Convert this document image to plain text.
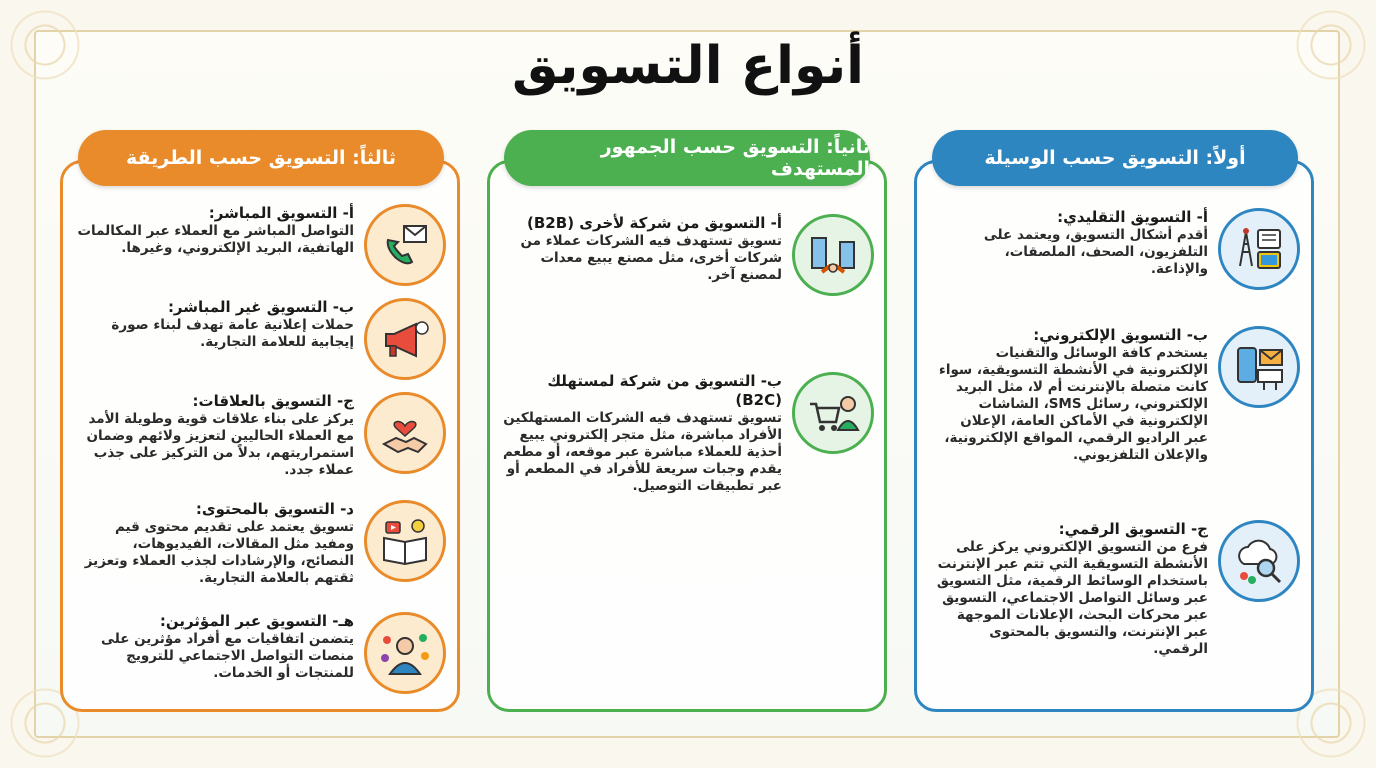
أنواع التسويق
أولاً: التسويق حسب الوسيلة
أ- التسويق التقليدي:
أقدم أشكال التسويق، ويعتمد على التلفزيون، الصحف، الملصقات، والإذاعة.
ب- التسويق الإلكتروني:
يستخدم كافة الوسائل والتقنيات الإلكترونية في الأنشطة التسويقية، سواء كانت متصلة بالإنترنت أم لا، مثل البريد الإلكتروني، رسائل SMS، الشاشات الإلكترونية في الأماكن العامة، الإعلان عبر الراديو الرقمي، المواقع الإلكترونية، والإعلان التلفزيوني.
ج- التسويق الرقمي:
فرع من التسويق الإلكتروني يركز على الأنشطة التسويقية التي تتم عبر الإنترنت باستخدام الوسائط الرقمية، مثل التسويق عبر وسائل التواصل الاجتماعي، التسويق عبر محركات البحث، الإعلانات الموجهة عبر الإنترنت، والتسويق بالمحتوى الرقمي.
ثانياً: التسويق حسب الجمهور المستهدف
أ- التسويق من شركة لأخرى (B2B)
تسويق تستهدف فيه الشركات عملاء من شركات أخرى، مثل مصنع يبيع معدات لمصنع آخر.
ب- التسويق من شركة لمستهلك (B2C)
تسويق تستهدف فيه الشركات المستهلكين الأفراد مباشرة، مثل متجر إلكتروني يبيع أحذية للعملاء مباشرة عبر موقعه، أو مطعم يقدم وجبات سريعة للأفراد في المطعم أو عبر تطبيقات التوصيل.
ثالثاً: التسويق حسب الطريقة
أ- التسويق المباشر:
التواصل المباشر مع العملاء عبر المكالمات الهاتفية، البريد الإلكتروني، وغيرها.
ب- التسويق غير المباشر:
حملات إعلانية عامة تهدف لبناء صورة إيجابية للعلامة التجارية.
ج- التسويق بالعلاقات:
يركز على بناء علاقات قوية وطويلة الأمد مع العملاء الحاليين لتعزيز ولائهم وضمان استمراريتهم، بدلاً من التركيز على جذب عملاء جدد.
د- التسويق بالمحتوى:
تسويق يعتمد على تقديم محتوى قيم ومفيد مثل المقالات، الفيديوهات، النصائح، والإرشادات لجذب العملاء وتعزيز ثقتهم بالعلامة التجارية.
هـ- التسويق عبر المؤثرين:
يتضمن اتفاقيات مع أفراد مؤثرين على منصات التواصل الاجتماعي للترويج للمنتجات أو الخدمات.
